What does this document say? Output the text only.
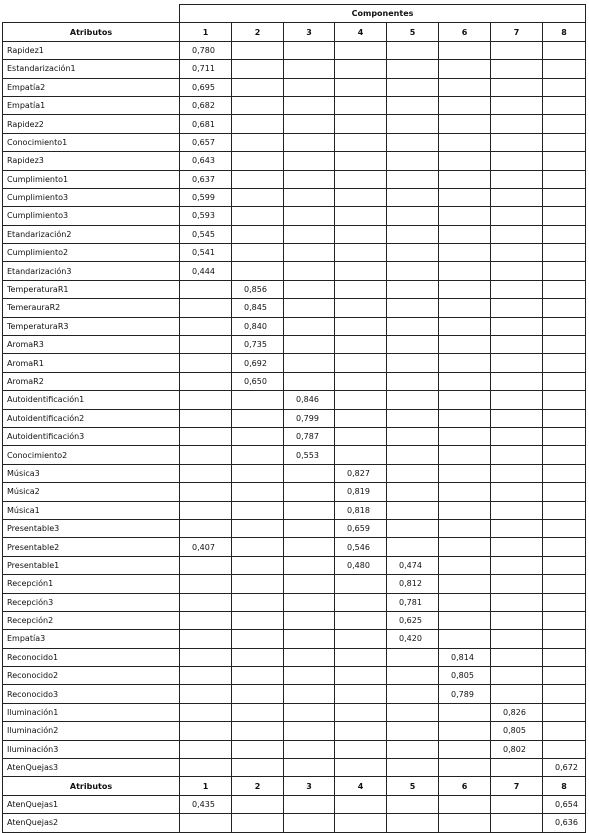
	Componentes							
Atributos	1	2	3	4	5	6	7	8
Rapidez1	0,780							
Estandarización1	0,711							
Empatía2	0,695							
Empatía1	0,682							
Rapidez2	0,681							
Conocimiento1	0,657							
Rapidez3	0,643							
Cumplimiento1	0,637							
Cumplimiento3	0,599							
Cumplimiento3	0,593							
Etandarización2	0,545							
Cumplimiento2	0,541							
Etandarización3	0,444							
TemperaturaR1		0,856						
TemerauraR2		0,845						
TemperaturaR3		0,840						
AromaR3		0,735						
AromaR1		0,692						
AromaR2		0,650						
Autoidentificación1			0,846					
Autoidentificación2			0,799					
Autoidentificación3			0,787					
Conocimiento2			0,553					
Música3				0,827				
Música2				0,819				
Música1				0,818				
Presentable3				0,659				
Presentable2	0,407			0,546				
Presentable1				0,480	0,474			
Recepción1					0,812			
Recepción3					0,781			
Recepción2					0,625			
Empatía3					0,420			
Reconocido1						0,814		
Reconocido2						0,805		
Reconocido3						0,789		
Iluminación1							0,826	
Iluminación2							0,805	
Iluminación3							0,802	
AtenQuejas3								0,672
Atributos	1	2	3	4	5	6	7	8
AtenQuejas1	0,435							0,654
AtenQuejas2								0,636
